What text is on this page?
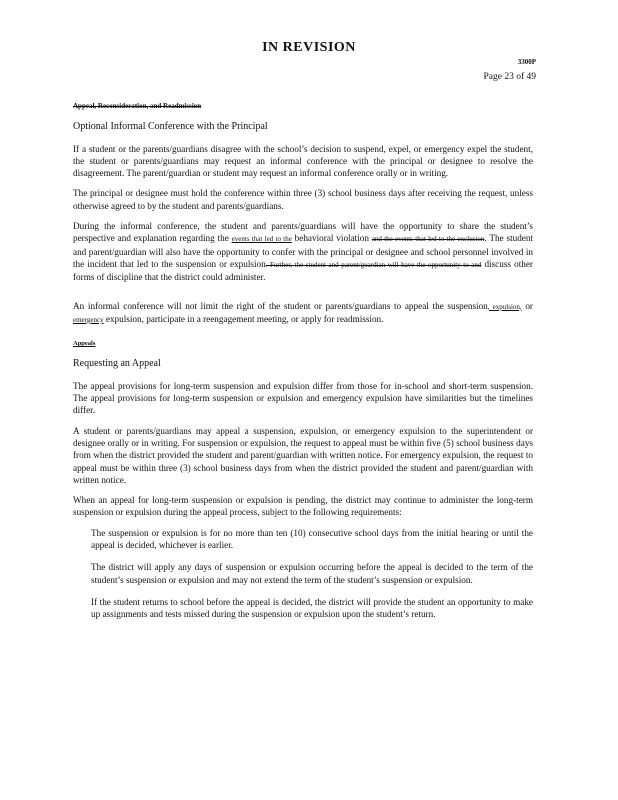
IN REVISION
3300P
Page 23 of 49
Appeal, Reconsideration, and Readmission
Optional Informal Conference with the Principal

If a student or the parents/guardians disagree with the school’s decision to suspend, expel, or emergency expel the student, the student or parents/guardians may request an informal conference with the principal or designee to resolve the disagreement. The parent/guardian or student may request an informal conference orally or in writing.

The principal or designee must hold the conference within three (3) school business days after receiving the request, unless otherwise agreed to by the student and parents/guardians.

During the informal conference, the student and parents/guardians will have the opportunity to share the student’s perspective and explanation regarding the events that led to the behavioral violation and the events that led to the exclusion. The student and parent/guardian will also have the opportunity to confer with the principal or designee and school personnel involved in the incident that led to the suspension or expulsion. Further, the student and parent/guardian will have the opportunity to and discuss other forms of discipline that the district could administer.

An informal conference will not limit the right of the student or parents/guardians to appeal the suspension, expulsion, or emergency expulsion, participate in a reengagement meeting, or apply for readmission.

Appeals
Requesting an Appeal

The appeal provisions for long-term suspension and expulsion differ from those for in-school and short-term suspension. The appeal provisions for long-term suspension or expulsion and emergency expulsion have similarities but the timelines differ.

A student or parents/guardians may appeal a suspension, expulsion, or emergency expulsion to the superintendent or designee orally or in writing. For suspension or expulsion, the request to appeal must be within five (5) school business days from when the district provided the student and parent/guardian with written notice. For emergency expulsion, the request to appeal must be within three (3) school business days from when the district provided the student and parent/guardian with written notice.

When an appeal for long-term suspension or expulsion is pending, the district may continue to administer the long-term suspension or expulsion during the appeal process, subject to the following requirements:

The suspension or expulsion is for no more than ten (10) consecutive school days from the initial hearing or until the appeal is decided, whichever is earlier.
The district will apply any days of suspension or expulsion occurring before the appeal is decided to the term of the student’s suspension or expulsion and may not extend the term of the student’s suspension or expulsion.
If the student returns to school before the appeal is decided, the district will provide the student an opportunity to make up assignments and tests missed during the suspension or expulsion upon the student’s return.
